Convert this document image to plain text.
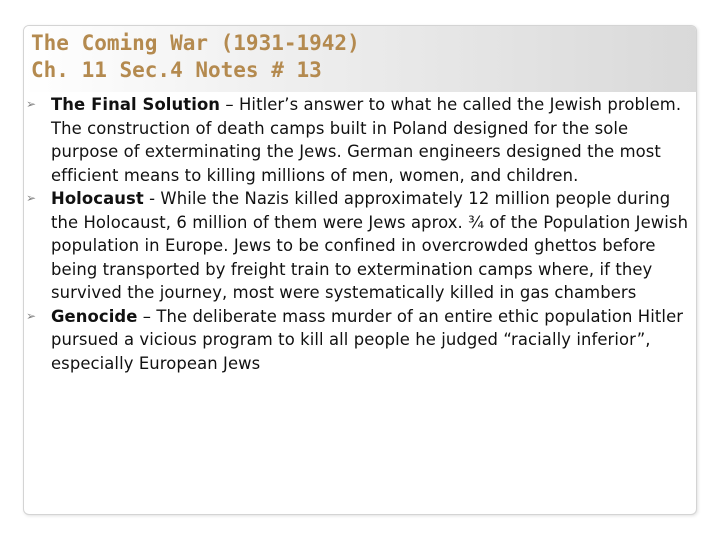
The Coming War (1931-1942)
Ch. 11 Sec.4 Notes # 13
➢ The Final Solution – Hitler’s answer to what he called the Jewish problem. The construction of death camps built in Poland designed for the sole purpose of exterminating the Jews. German engineers designed the most efficient means to killing millions of men, women, and children.
➢ Holocaust - While the Nazis killed approximately 12 million people during the Holocaust, 6 million of them were Jews aprox. ¾ of the Population Jewish population in Europe. Jews to be confined in overcrowded ghettos before being transported by freight train to extermination camps where, if they survived the journey, most were systematically killed in gas chambers
➢ Genocide – The deliberate mass murder of an entire ethic population Hitler pursued a vicious program to kill all people he judged “racially inferior”, especially European Jews
